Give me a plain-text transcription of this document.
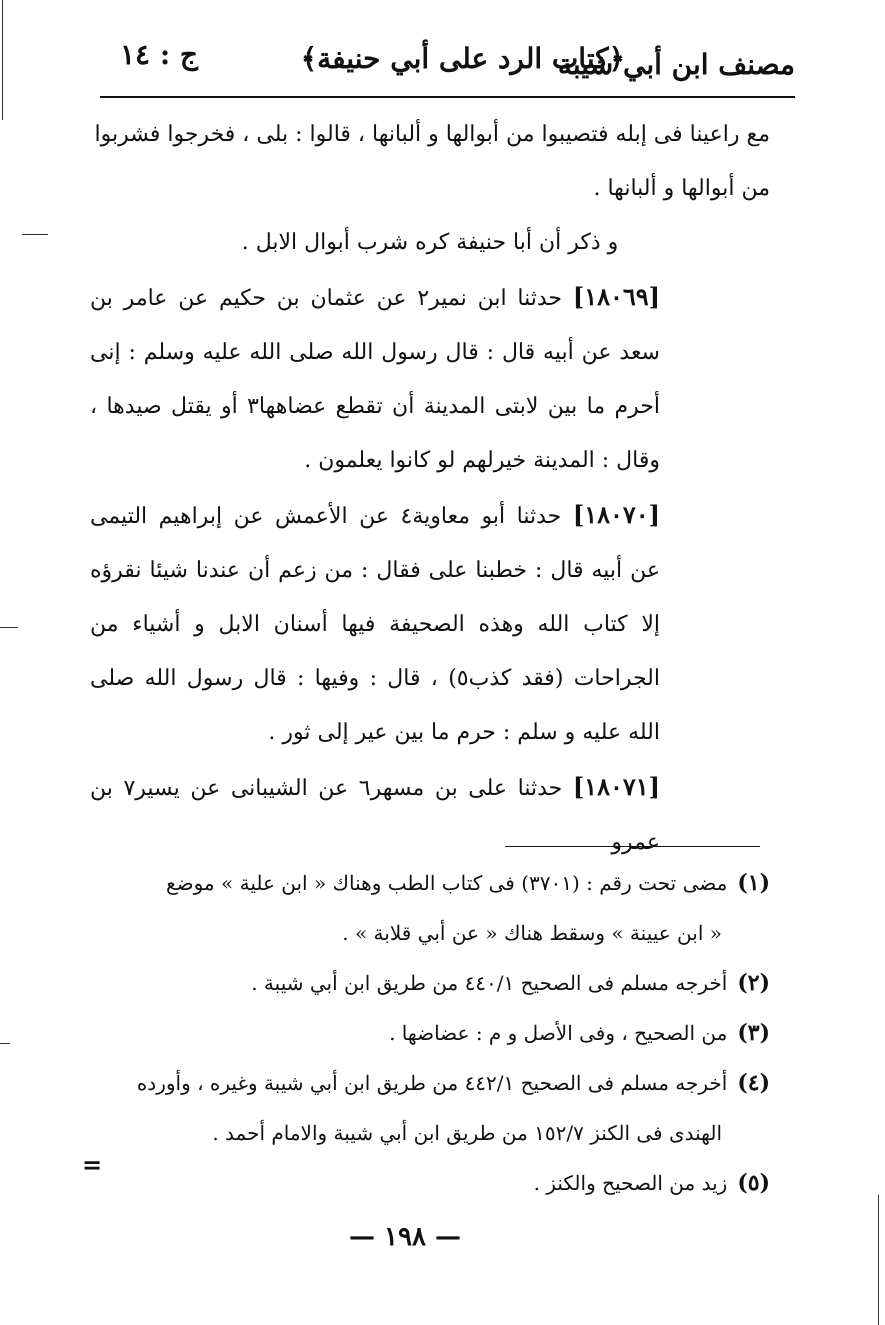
مصنف ابن أبي شيبة
﴿كتاب الرد على أبي حنيفة﴾
ج : ١٤

مع راعينا فى إبله فتصيبوا من أبوالها و ألبانها ، قالوا : بلى ، فخرجوا فشربوا

من أبوالها و ألبانها .

و ذكر أن أبا حنيفة كره شرب أبوال الابل .

[١٨٠٦٩] حدثنا ابن نمير٢ عن عثمان بن حكيم عن عامر بن سعد عن أبيه قال : قال رسول الله صلى الله عليه وسلم : إنى أحرم ما بين لابتى المدينة أن تقطع عضاهها٣ أو يقتل صيدها ، وقال : المدينة خيرلهم لو كانوا يعلمون .

[١٨٠٧٠] حدثنا أبو معاوية٤ عن الأعمش عن إبراهيم التيمى عن أبيه قال : خطبنا على فقال : من زعم أن عندنا شيئا نقرؤه إلا كتاب الله وهذه الصحيفة فيها أسنان الابل و أشياء من الجراحات (فقد كذب٥) ، قال : وفيها : قال رسول الله صلى الله عليه و سلم : حرم ما بين عير إلى ثور .

[١٨٠٧١] حدثنا على بن مسهر٦ عن الشيبانى عن يسير٧ بن عمرو

(١)مضى تحت رقم : (٣٧٠١) فى كتاب الطب وهناك « ابن علية » موضع

« ابن عيينة » وسقط هناك « عن أبي قلابة » .

(٢)أخرجه مسلم فى الصحيح ٤٤٠/١ من طريق ابن أبي شيبة .

(٣)من الصحيح ، وفى الأصل و م : عضاضها .

(٤)أخرجه مسلم فى الصحيح ٤٤٢/١ من طريق ابن أبي شيبة وغيره ، وأورده

الهندى فى الكنز ١٥٢/٧ من طريق ابن أبي شيبة والامام أحمد .

(٥)زيد من الصحيح والكنز .

=
— ١٩٨ —
